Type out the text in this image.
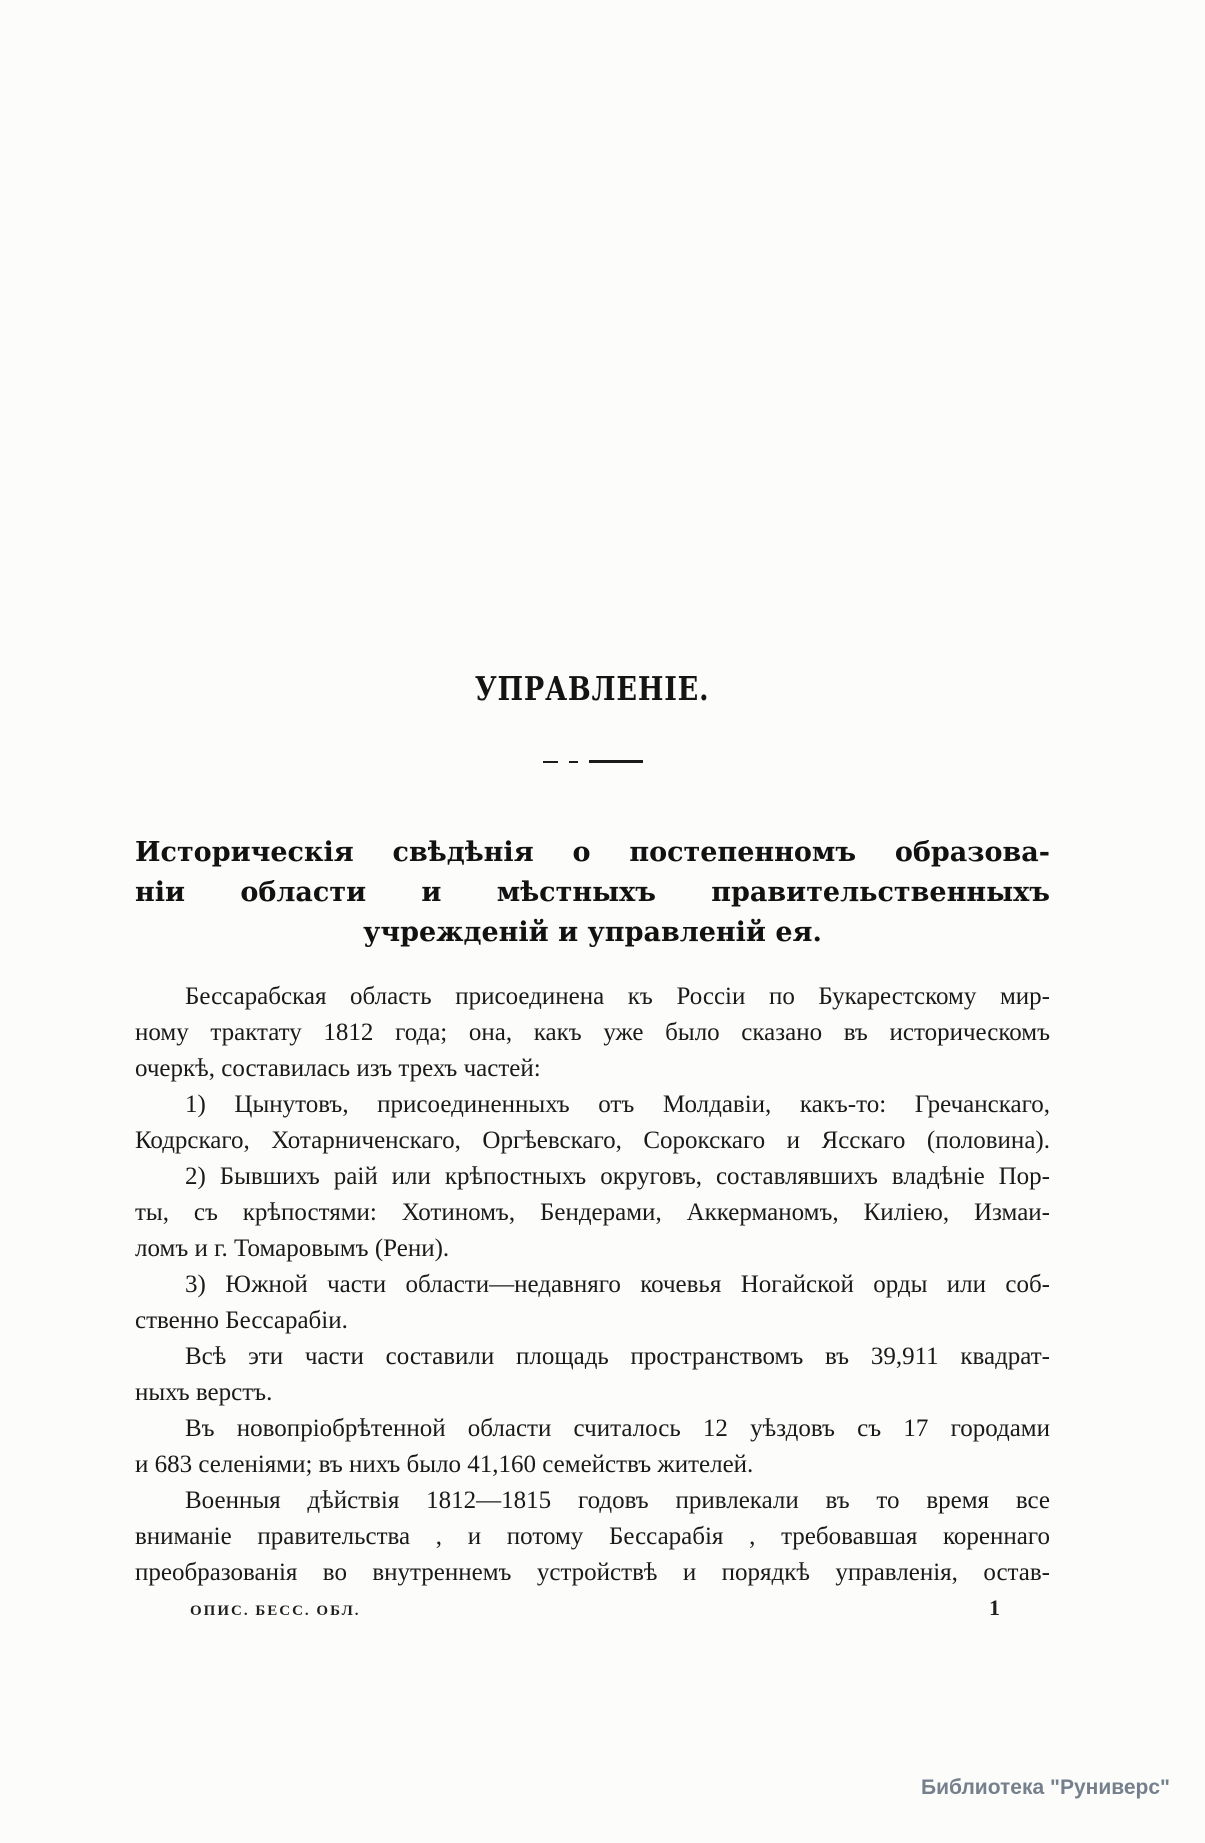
УПРАВЛЕНІЕ.
Историческія свѣдѣнія о постепенномъ образова-
ніи области и мѣстныхъ правительственныхъ
учрежденій и управленій ея.
Бессарабская область присоединена къ Россіи по Букарестскому мир-
ному трактату 1812 года; она, какъ уже было сказано въ историческомъ
очеркѣ, составилась изъ трехъ частей:
1) Цынутовъ, присоединенныхъ отъ Молдавіи, какъ-то: Гречанскаго,
Кодрскаго, Хотарниченскаго, Оргѣевскаго, Сорокскаго и Ясскаго (половина).
2) Бывшихъ раій или крѣпостныхъ округовъ, составлявшихъ владѣніе Пор-
ты, съ крѣпостями: Хотиномъ, Бендерами, Аккерманомъ, Киліею, Измаи-
ломъ и г. Томаровымъ (Рени).
3) Южной части области—недавняго кочевья Ногайской орды или соб-
ственно Бессарабіи.
Всѣ эти части составили площадь пространствомъ въ 39,911 квадрат-
ныхъ верстъ.
Въ новопріобрѣтенной области считалось 12 уѣздовъ съ 17 городами
и 683 селеніями; въ нихъ было 41,160 семействъ жителей.
Военныя дѣйствія 1812—1815 годовъ привлекали въ то время все
вниманіе правительства , и потому Бессарабія , требовавшая кореннаго
преобразованія во внутреннемъ устройствѣ и порядкѣ управленія, остав-
ОПИС. БЕСС. ОБЛ.	1
Библиотека "Руниверс"
